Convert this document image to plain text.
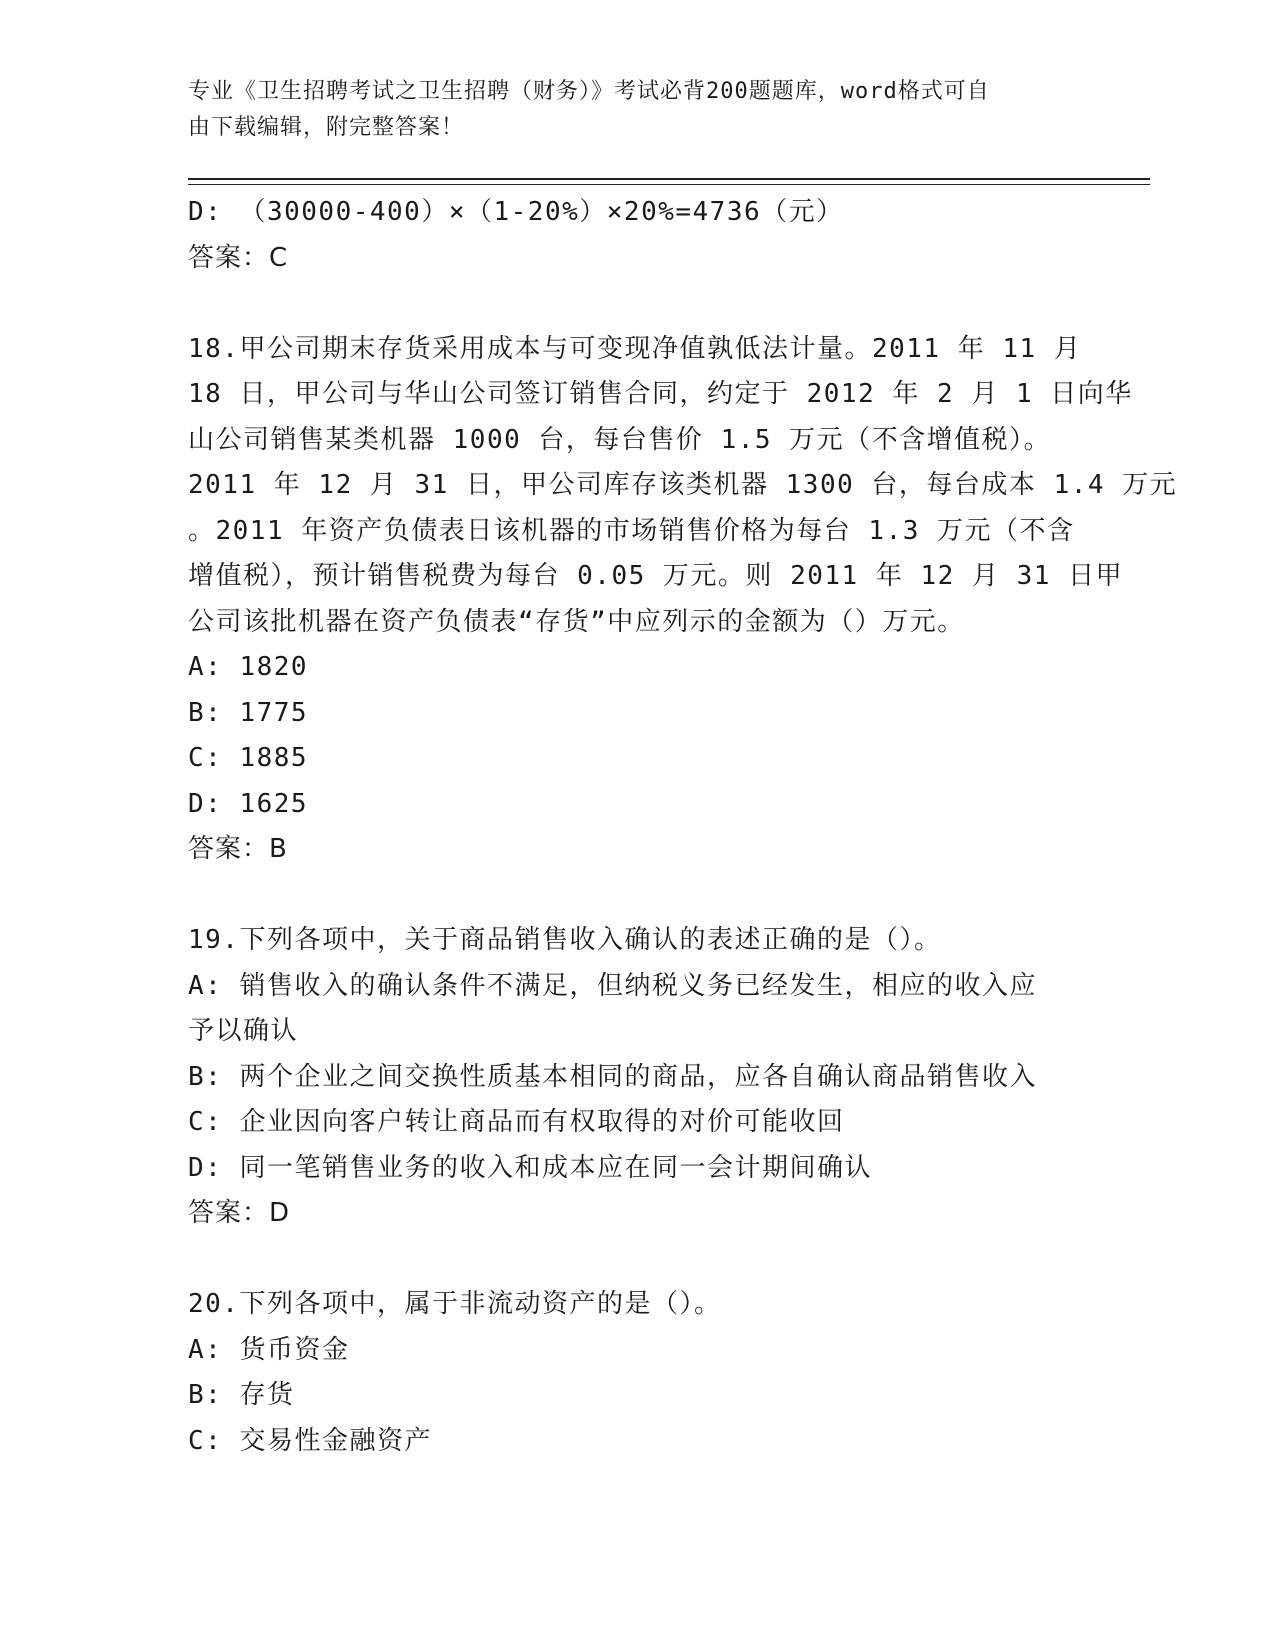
专业《卫生招聘考试之卫生招聘（财务）》考试必背200题题库，word格式可自
由下载编辑，附完整答案！
D: （30000-400）×（1-20%）×20%=4736（元）
答案：C
18.甲公司期末存货采用成本与可变现净值孰低法计量。2011 年 11 月
18 日，甲公司与华山公司签订销售合同，约定于 2012 年 2 月 1 日向华
山公司销售某类机器 1000 台，每台售价 1.5 万元（不含增值税）。
2011 年 12 月 31 日，甲公司库存该类机器 1300 台，每台成本 1.4 万元
。2011 年资产负债表日该机器的市场销售价格为每台 1.3 万元（不含
增值税），预计销售税费为每台 0.05 万元。则 2011 年 12 月 31 日甲
公司该批机器在资产负债表“存货”中应列示的金额为（）万元。
A: 1820
B: 1775
C: 1885
D: 1625
答案：B
19.下列各项中，关于商品销售收入确认的表述正确的是（）。
A: 销售收入的确认条件不满足，但纳税义务已经发生，相应的收入应
予以确认
B: 两个企业之间交换性质基本相同的商品，应各自确认商品销售收入
C: 企业因向客户转让商品而有权取得的对价可能收回
D: 同一笔销售业务的收入和成本应在同一会计期间确认
答案：D
20.下列各项中，属于非流动资产的是（）。
A: 货币资金
B: 存货
C: 交易性金融资产
